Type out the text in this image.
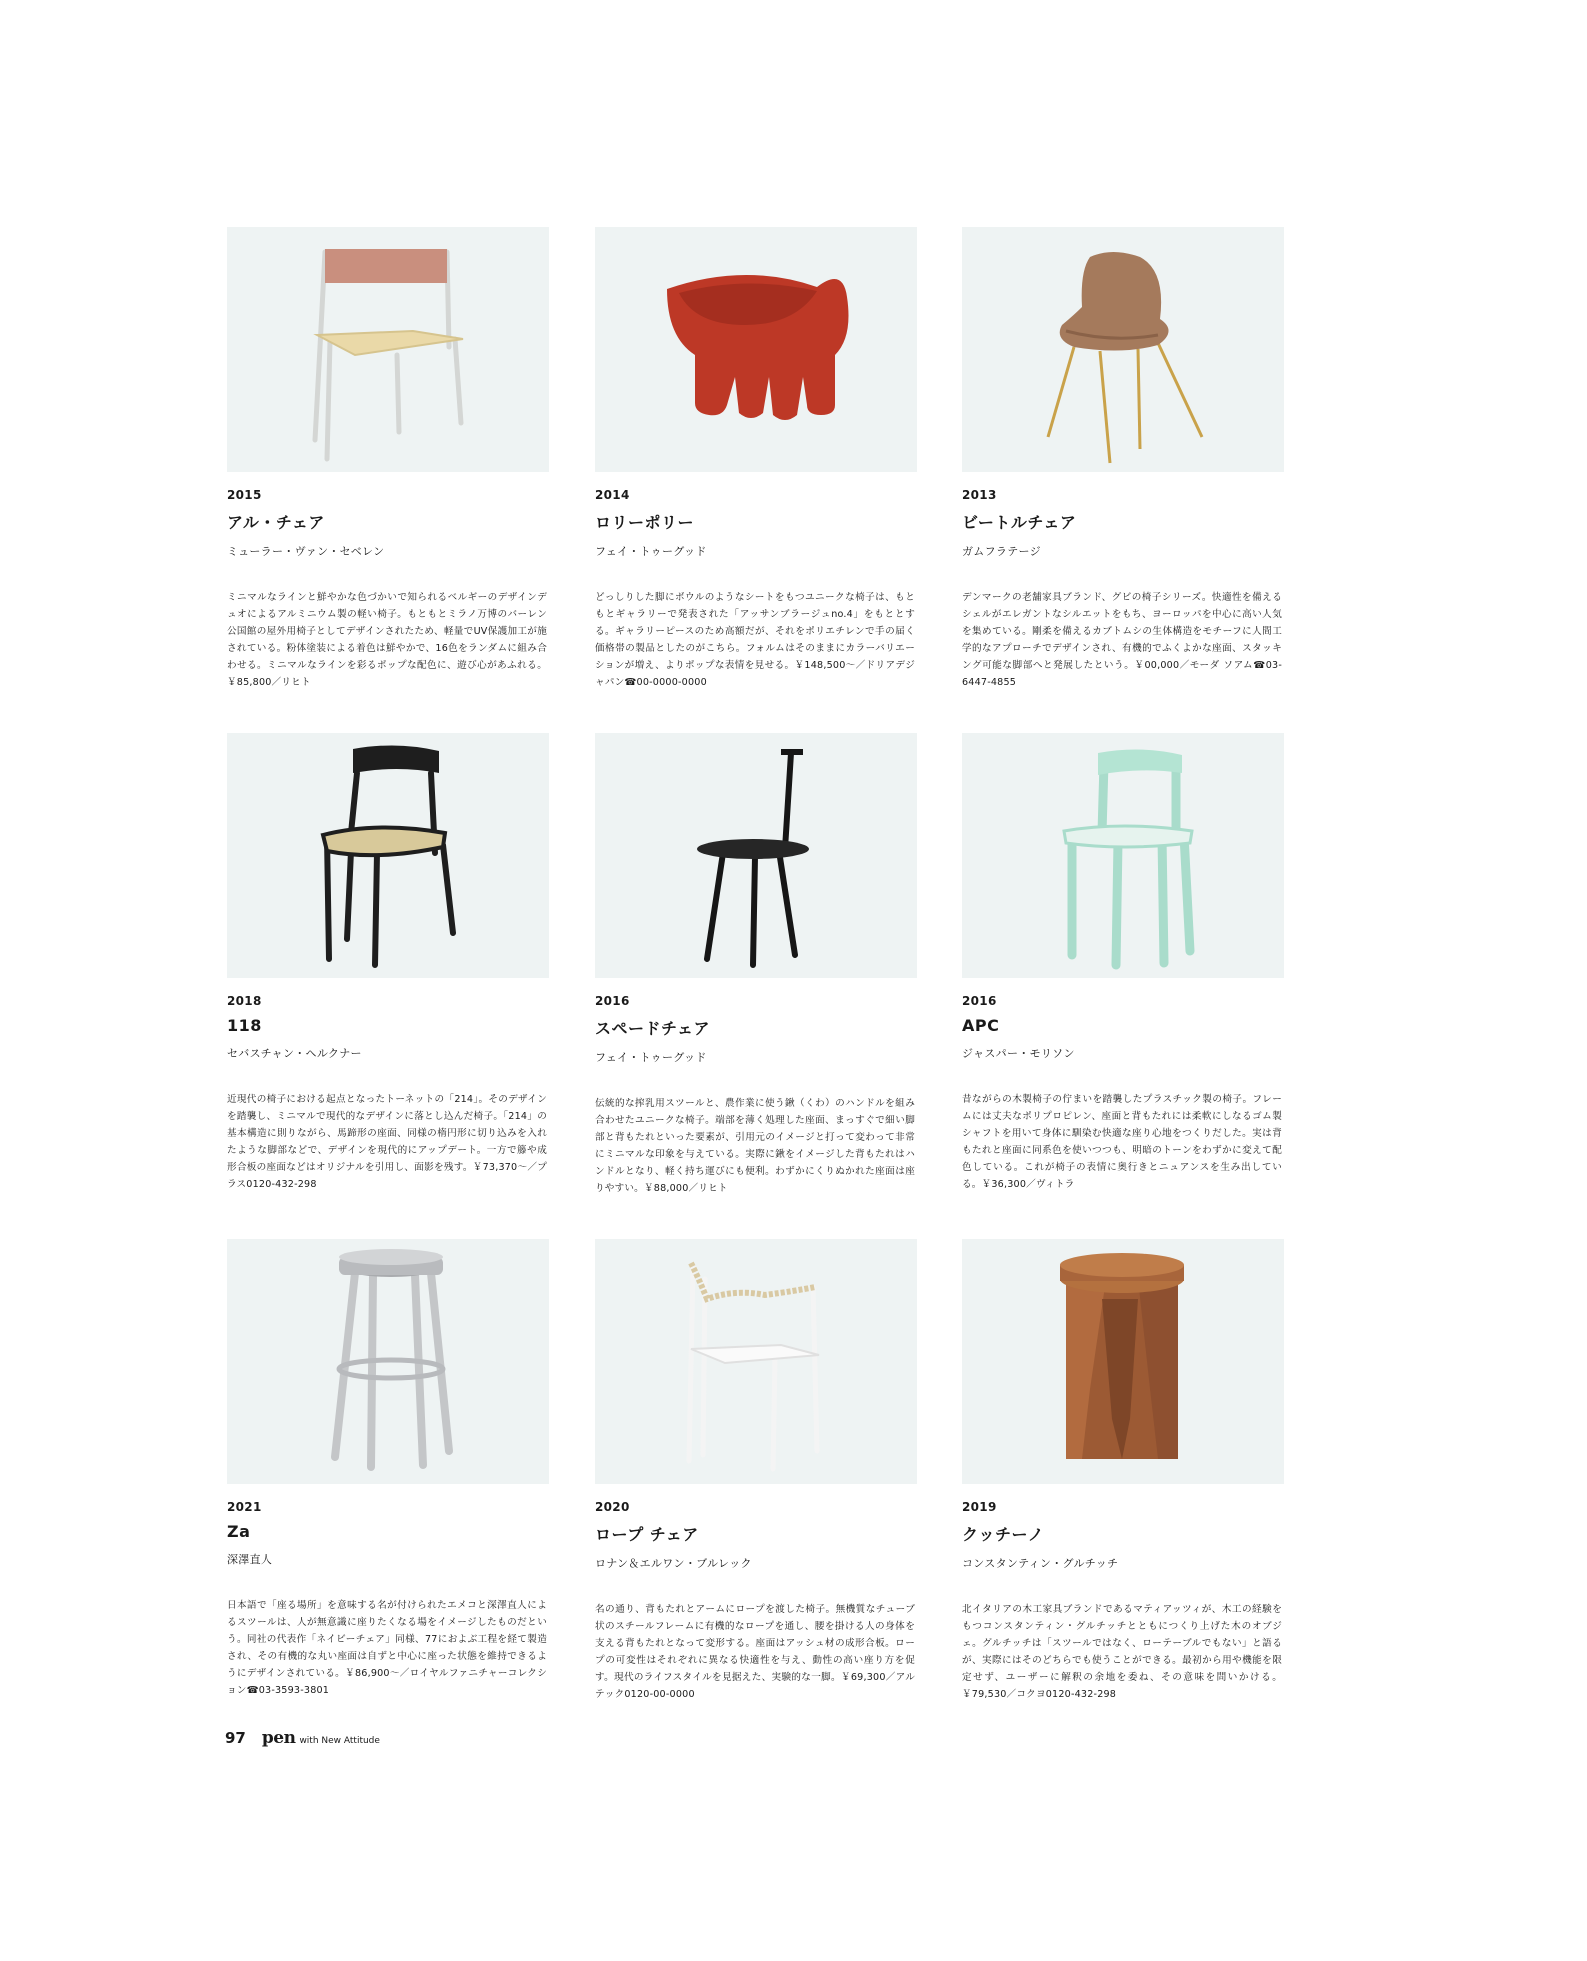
2015
アル・チェア
ミューラー・ヴァン・セベレン
ミニマルなラインと鮮やかな色づかいで知られるベルギーのデザインデュオによるアルミニウム製の軽い椅子。もともとミラノ万博のバーレン公国館の屋外用椅子としてデザインされたため、軽量でUV保護加工が施されている。粉体塗装による着色は鮮やかで、16色をランダムに組み合わせる。ミニマルなラインを彩るポップな配色に、遊び心があふれる。￥85,800／リヒト
2014
ロリーポリー
フェイ・トゥーグッド
どっしりした脚にボウルのようなシートをもつユニークな椅子は、もともとギャラリーで発表された「アッサンブラージュno.4」をもととする。ギャラリーピースのため高額だが、それをポリエチレンで手の届く価格帯の製品としたのがこちら。フォルムはそのままにカラーバリエーションが増え、よりポップな表情を見せる。￥148,500〜／ドリアデジャパン☎00-0000-0000
2013
ビートルチェア
ガムフラテージ
デンマークの老舗家具ブランド、グビの椅子シリーズ。快適性を備えるシェルがエレガントなシルエットをもち、ヨーロッパを中心に高い人気を集めている。剛柔を備えるカブトムシの生体構造をモチーフに人間工学的なアプローチでデザインされ、有機的でふくよかな座面、スタッキング可能な脚部へと発展したという。￥00,000／モーダ ソアム☎03-6447-4855
2018
118
セバスチャン・ヘルクナー
近現代の椅子における起点となったトーネットの「214」。そのデザインを踏襲し、ミニマルで現代的なデザインに落とし込んだ椅子。「214」の基本構造に則りながら、馬蹄形の座面、同様の楕円形に切り込みを入れたような脚部などで、デザインを現代的にアップデート。一方で籐や成形合板の座面などはオリジナルを引用し、面影を残す。￥73,370〜／プラス0120-432-298
2016
スペードチェア
フェイ・トゥーグッド
伝統的な搾乳用スツールと、農作業に使う鍬（くわ）のハンドルを組み合わせたユニークな椅子。端部を薄く処理した座面、まっすぐで細い脚部と背もたれといった要素が、引用元のイメージと打って変わって非常にミニマルな印象を与えている。実際に鍬をイメージした背もたれはハンドルとなり、軽く持ち運びにも便利。わずかにくりぬかれた座面は座りやすい。￥88,000／リヒト
2016
APC
ジャスパー・モリソン
昔ながらの木製椅子の佇まいを踏襲したプラスチック製の椅子。フレームには丈夫なポリプロピレン、座面と背もたれには柔軟にしなるゴム製シャフトを用いて身体に馴染む快適な座り心地をつくりだした。実は背もたれと座面に同系色を使いつつも、明暗のトーンをわずかに変えて配色している。これが椅子の表情に奥行きとニュアンスを生み出している。￥36,300／ヴィトラ
2021
Za
深澤直人
日本語で「座る場所」を意味する名が付けられたエメコと深澤直人によるスツールは、人が無意識に座りたくなる場をイメージしたものだという。同社の代表作「ネイビーチェア」同様、77におよぶ工程を経て製造され、その有機的な丸い座面は自ずと中心に座った状態を維持できるようにデザインされている。￥86,900〜／ロイヤルファニチャーコレクション☎03-3593-3801
2020
ロープ チェア
ロナン＆エルワン・ブルレック
名の通り、背もたれとアームにロープを渡した椅子。無機質なチューブ状のスチールフレームに有機的なロープを通し、腰を掛ける人の身体を支える背もたれとなって変形する。座面はアッシュ材の成形合板。ロープの可変性はそれぞれに異なる快適性を与え、動性の高い座り方を促す。現代のライフスタイルを見据えた、実験的な一脚。￥69,300／アルテック0120-00-0000
2019
クッチーノ
コンスタンティン・グルチッチ
北イタリアの木工家具ブランドであるマティアッツィが、木工の経験をもつコンスタンティン・グルチッチとともにつくり上げた木のオブジェ。グルチッチは「スツールではなく、ローテーブルでもない」と語るが、実際にはそのどちらでも使うことができる。最初から用や機能を限定せず、ユーザーに解釈の余地を委ね、その意味を問いかける。￥79,530／コクヨ0120-432-298
97 pen with New Attitude
